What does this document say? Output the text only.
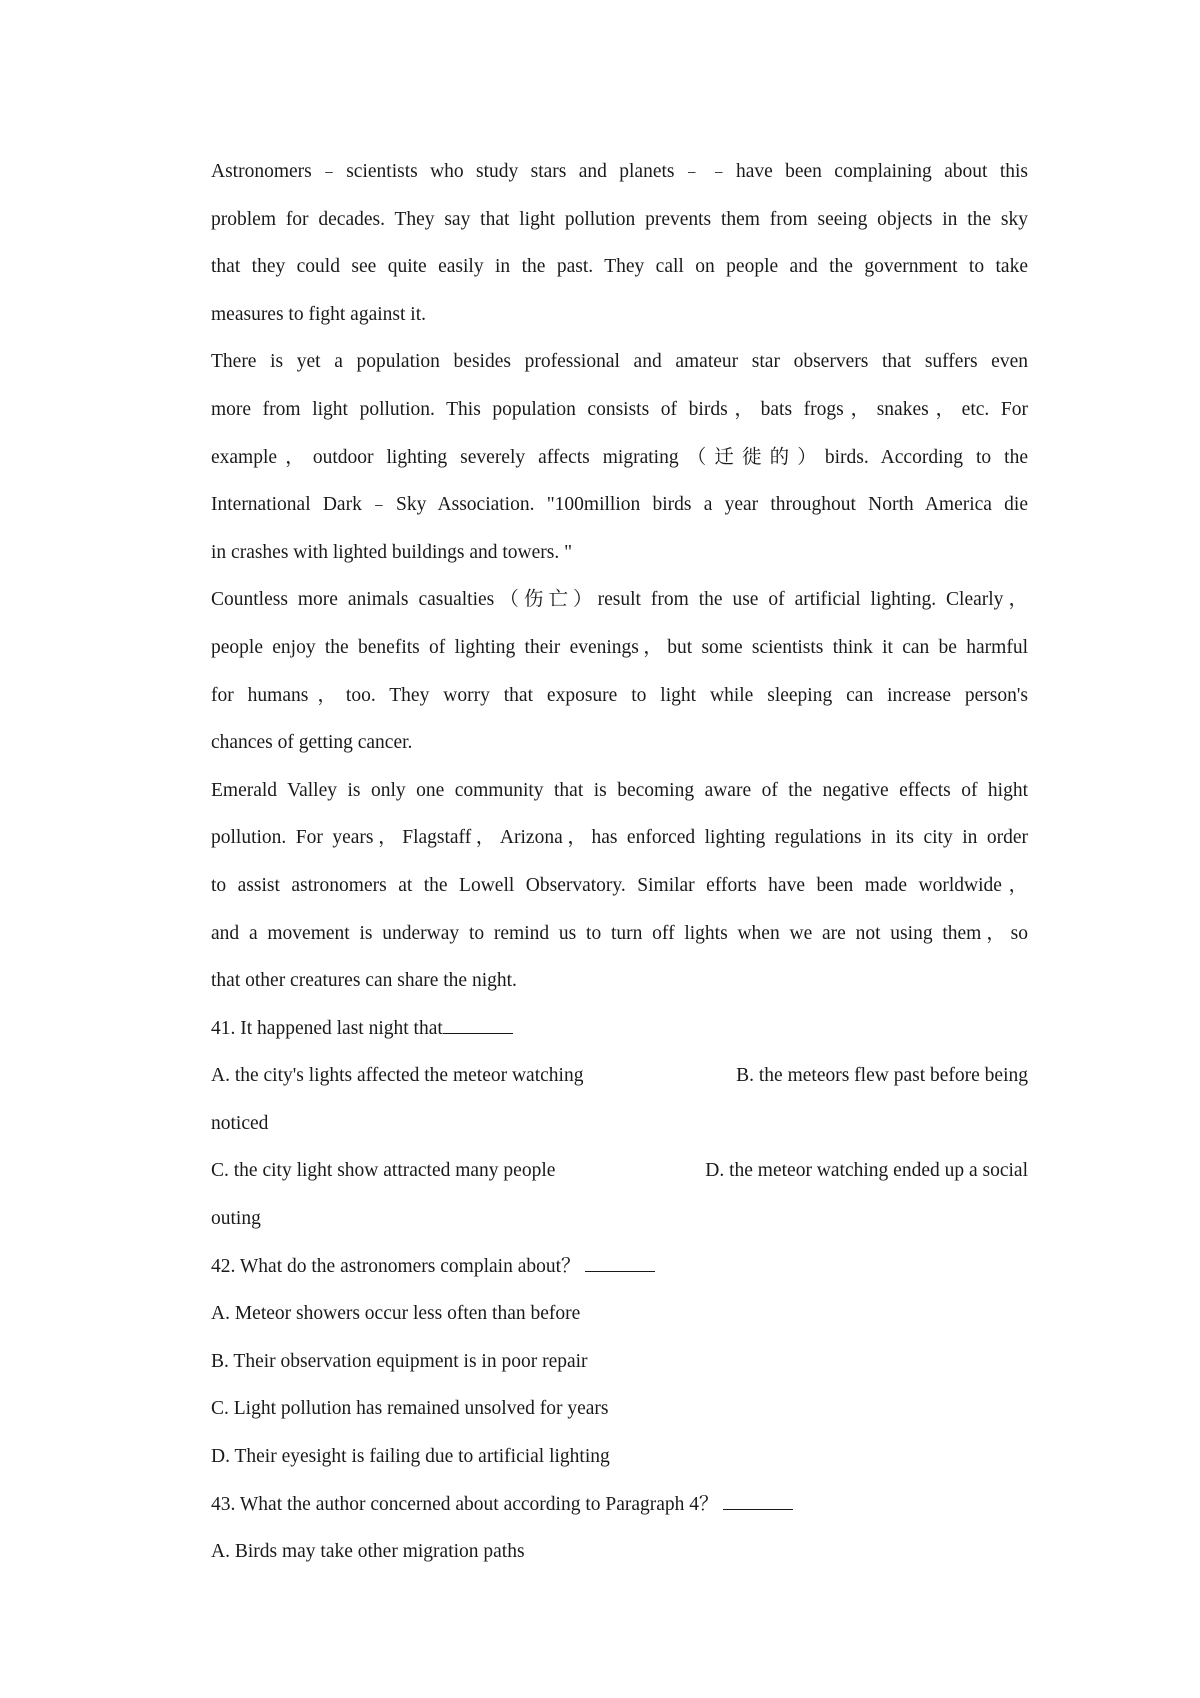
Astronomers﹣scientists who study stars and planets﹣﹣have been complaining about this
problem for decades. They say that light pollution prevents them from seeing objects in the sky
that they could see quite easily in the past. They call on people and the government to take
measures to fight against it.
There is yet a population besides professional and amateur star observers that suffers even
more from light pollution. This population consists of birds，bats frogs，snakes，etc. For
example，outdoor lighting severely affects migrating（迁徙的）birds. According to the
International Dark﹣Sky Association. "100million birds a year throughout North America die
in crashes with lighted buildings and towers. "
Countless more animals casualties（伤亡）result from the use of artificial lighting. Clearly，
people enjoy the benefits of lighting their evenings，but some scientists think it can be harmful
for humans，too. They worry that exposure to light while sleeping can increase person's
chances of getting cancer.
Emerald Valley is only one community that is becoming aware of the negative effects of hight
pollution. For years，Flagstaff，Arizona，has enforced lighting regulations in its city in order
to assist astronomers at the Lowell Observatory. Similar efforts have been made worldwide，
and a movement is underway to remind us to turn off lights when we are not using them，so
that other creatures can share the night.
41. It happened last night that
A. the city's lights affected the meteor watching	B. the meteors flew past before being
noticed
C. the city light show attracted many people	D. the meteor watching ended up a social
outing
42. What do the astronomers complain about？
A. Meteor showers occur less often than before
B. Their observation equipment is in poor repair
C. Light pollution has remained unsolved for years
D. Their eyesight is failing due to artificial lighting
43. What the author concerned about according to Paragraph 4？
A. Birds may take other migration paths
